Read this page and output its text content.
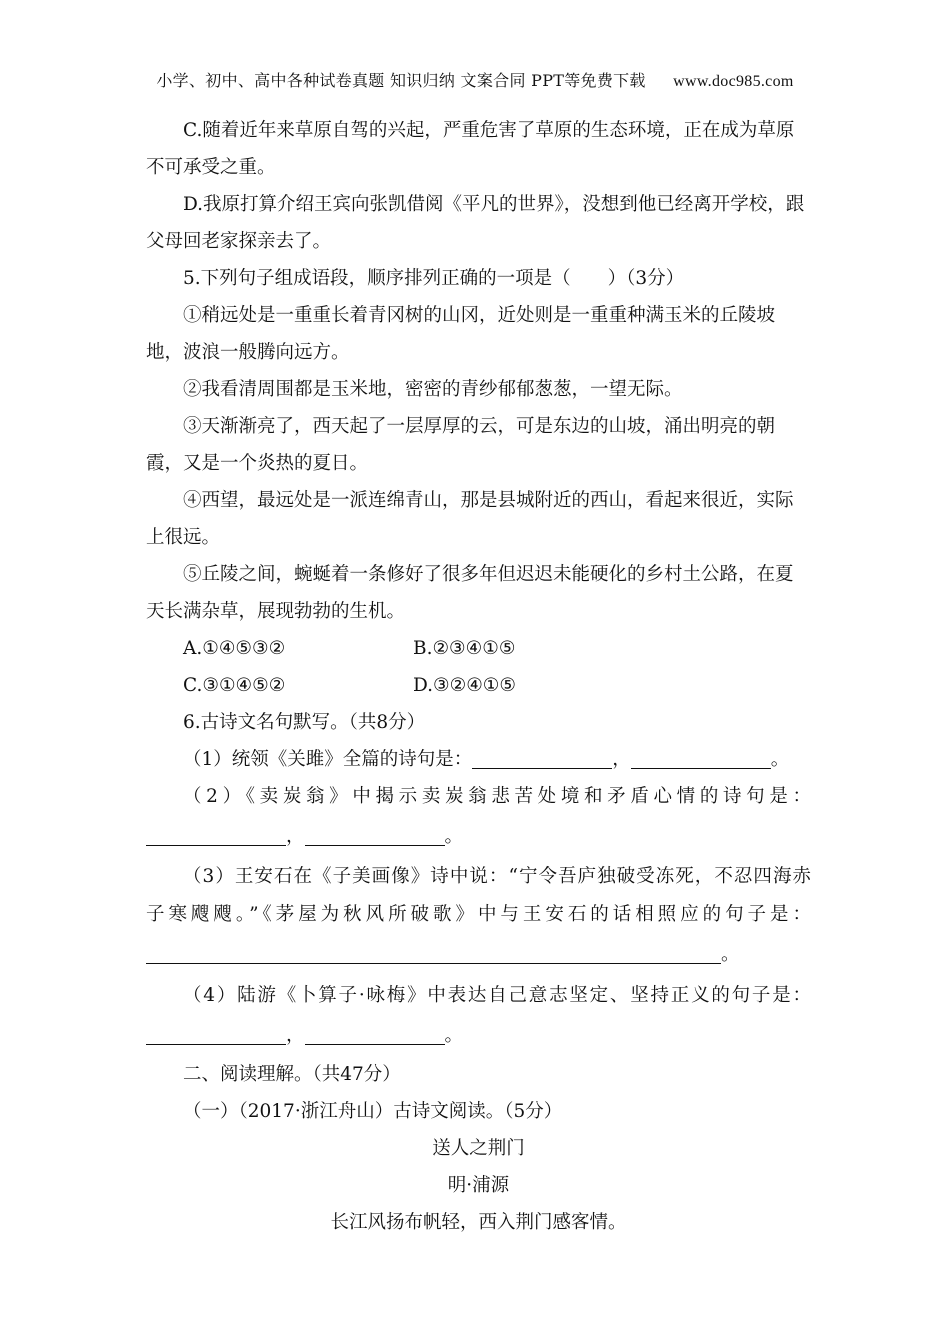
小学、初中、高中各种试卷真题 知识归纳 文案合同 PPT等免费下载 www.doc985.com

C.随着近年来草原自驾的兴起，严重危害了草原的生态环境，正在成为草原不可承受之重。

D.我原打算介绍王宾向张凯借阅《平凡的世界》，没想到他已经离开学校，跟父母回老家探亲去了。

5.下列句子组成语段，顺序排列正确的一项是（　　）（3分）

①稍远处是一重重长着青冈树的山冈，近处则是一重重种满玉米的丘陵坡地，波浪一般腾向远方。

②我看清周围都是玉米地，密密的青纱郁郁葱葱，一望无际。

③天渐渐亮了，西天起了一层厚厚的云，可是东边的山坡，涌出明亮的朝霞，又是一个炎热的夏日。

④西望，最远处是一派连绵青山，那是县城附近的西山，看起来很近，实际上很远。

⑤丘陵之间，蜿蜒着一条修好了很多年但迟迟未能硬化的乡村土公路，在夏天长满杂草，展现勃勃的生机。

A.①④⑤③②	B.②③④①⑤
C.③①④⑤②	D.③②④①⑤

6.古诗文名句默写。（共8分）

（1）统领《关雎》全篇的诗句是：	，	。

（2）《卖炭翁》中揭示卖炭翁悲苦处境和矛盾心情的诗句是：

，	。

（3）王安石在《子美画像》诗中说：“宁令吾庐独破受冻死，不忍四海赤

子寒飕飕。”《茅屋为秋风所破歌》中与王安石的话相照应的句子是：

。

（4）陆游《卜算子·咏梅》中表达自己意志坚定、坚持正义的句子是：

，	。

二、阅读理解。（共47分）

（一）（2017·浙江舟山）古诗文阅读。（5分）

送人之荆门

明·浦源

长江风扬布帆轻，西入荆门感客情。
